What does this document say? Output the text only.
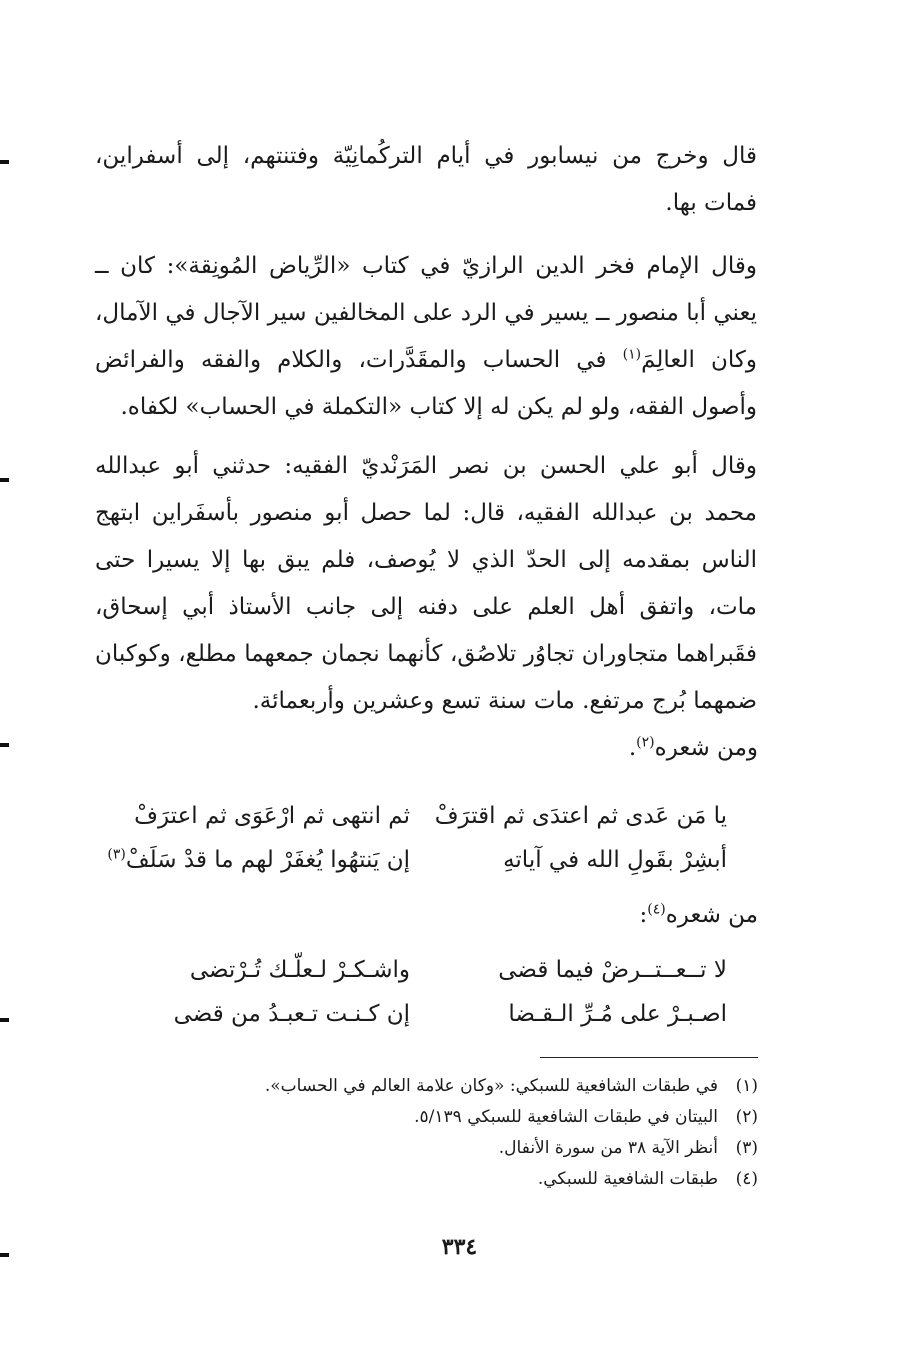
قال وخرج من نيسابور في أيام التركُمانِيّة وفتنتهم، إلى أسفراين، فمات بها.

وقال الإمام فخر الدين الرازيّ في كتاب «الرِّياض المُونِقة»: كان ــ يعني أبا منصور ــ يسير في الرد على المخالفين سير الآجال في الآمال، وكان العالِمَ$^{(١)}$ في الحساب والمقَدَّرات، والكلام والفقه والفرائض وأصول الفقه، ولو لم يكن له إلا كتاب «التكملة في الحساب» لكفاه.

وقال أبو علي الحسن بن نصر المَرَنْديّ الفقيه: حدثني أبو عبدالله محمد بن عبدالله الفقيه، قال: لما حصل أبو منصور بأسفَراين ابتهج الناس بمقدمه إلى الحدّ الذي لا يُوصف، فلم يبق بها إلا يسيرا حتى مات، واتفق أهل العلم على دفنه إلى جانب الأستاذ أبي إسحاق، فقَبراهما متجاوران تجاوُر تلاصُق، كأنهما نجمان جمعهما مطلع، وكوكبان ضمهما بُرج مرتفع. مات سنة تسع وعشرين وأربعمائة.

ومن شعره$^{(٢)}$.
يا مَن عَدى ثم اعتدَى ثم اقترَفْ
ثم انتهى ثم ارْعَوَى ثم اعترَفْ
أبشِرْ بقَولِ الله في آياتهِ
إن يَنتهُوا يُغفَرْ لهم ما قدْ سَلَفْ$^{(٣)}$
من شعره$^{(٤)}$:
لا تــعــتــرضْ فيما قضى
واشـكـرْ لـعلّـك تُـرْتضى
اصـبـرْ على مُـرِّ الـقـضا
إن كـنـت تـعبـدُ من قضى
(١)
في طبقات الشافعية للسبكي: «وكان علامة العالم في الحساب».
(٢)
البيتان في طبقات الشافعية للسبكي ٥/١٣٩.
(٣)
أنظر الآية ٣٨ من سورة الأنفال.
(٤)
طبقات الشافعية للسبكي.
٣٣٤
